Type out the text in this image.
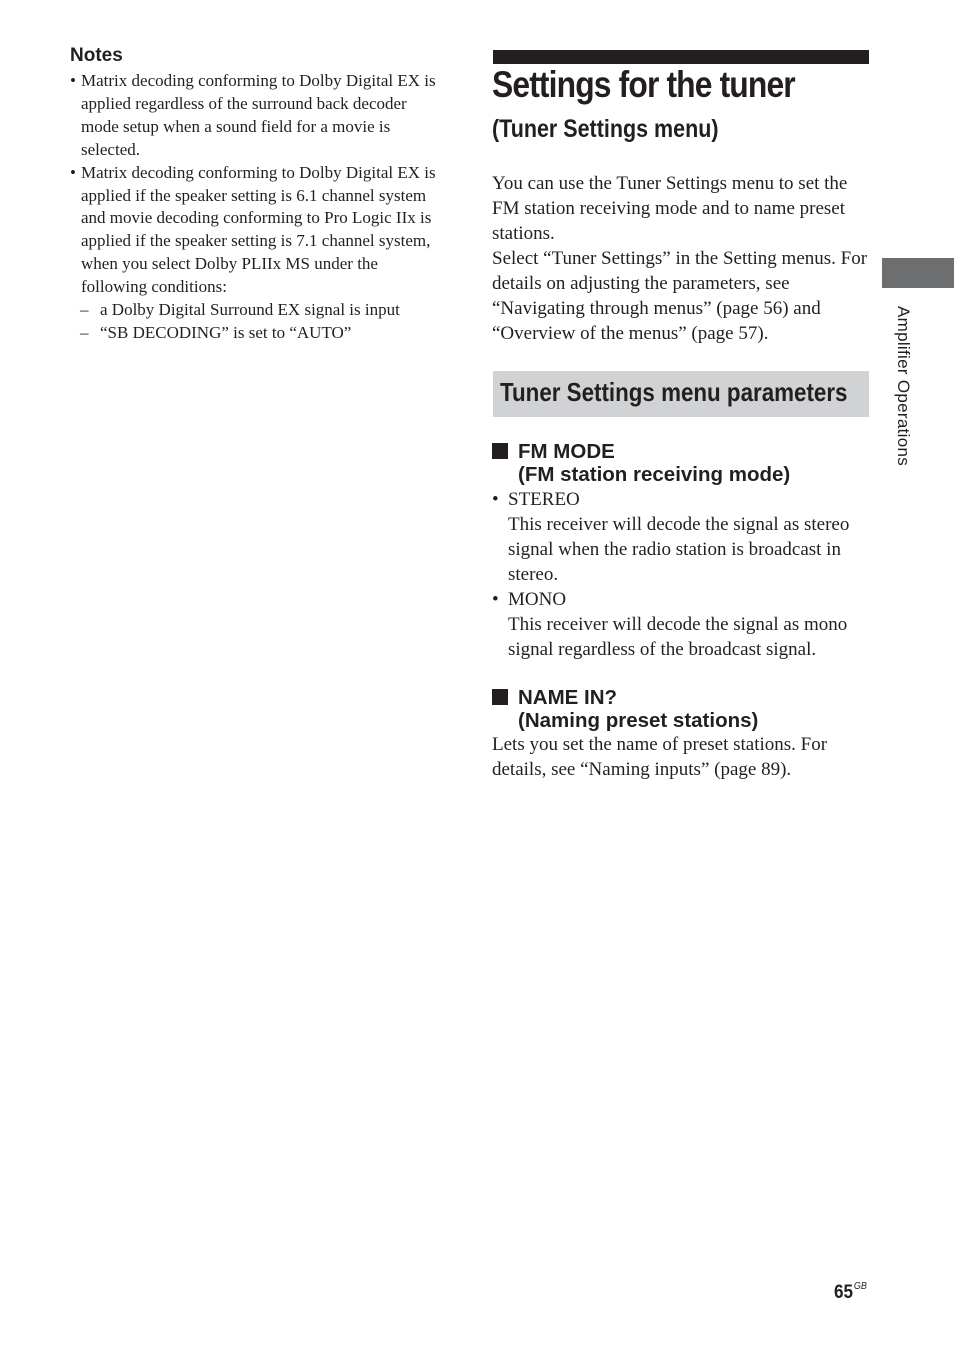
Notes
• Matrix decoding conforming to Dolby Digital EX is applied regardless of the surround back decoder mode setup when a sound field for a movie is selected.
• Matrix decoding conforming to Dolby Digital EX is applied if the speaker setting is 6.1 channel system and movie decoding conforming to Pro Logic IIx is applied if the speaker setting is 7.1 channel system, when you select Dolby PLIIx MS under the following conditions:
– a Dolby Digital Surround EX signal is input
– “SB DECODING” is set to “AUTO”
Settings for the tuner
(Tuner Settings menu)
You can use the Tuner Settings menu to set the FM station receiving mode and to name preset stations.
Select “Tuner Settings” in the Setting menus. For details on adjusting the parameters, see “Navigating through menus” (page 56) and “Overview of the menus” (page 57).
Tuner Settings menu parameters
FM MODE
(FM station receiving mode)
• STEREO
This receiver will decode the signal as stereo signal when the radio station is broadcast in stereo.
• MONO
This receiver will decode the signal as mono signal regardless of the broadcast signal.
NAME IN?
(Naming preset stations)
Lets you set the name of preset stations. For details, see “Naming inputs” (page 89).
Amplifier Operations
$65^{GB}$
